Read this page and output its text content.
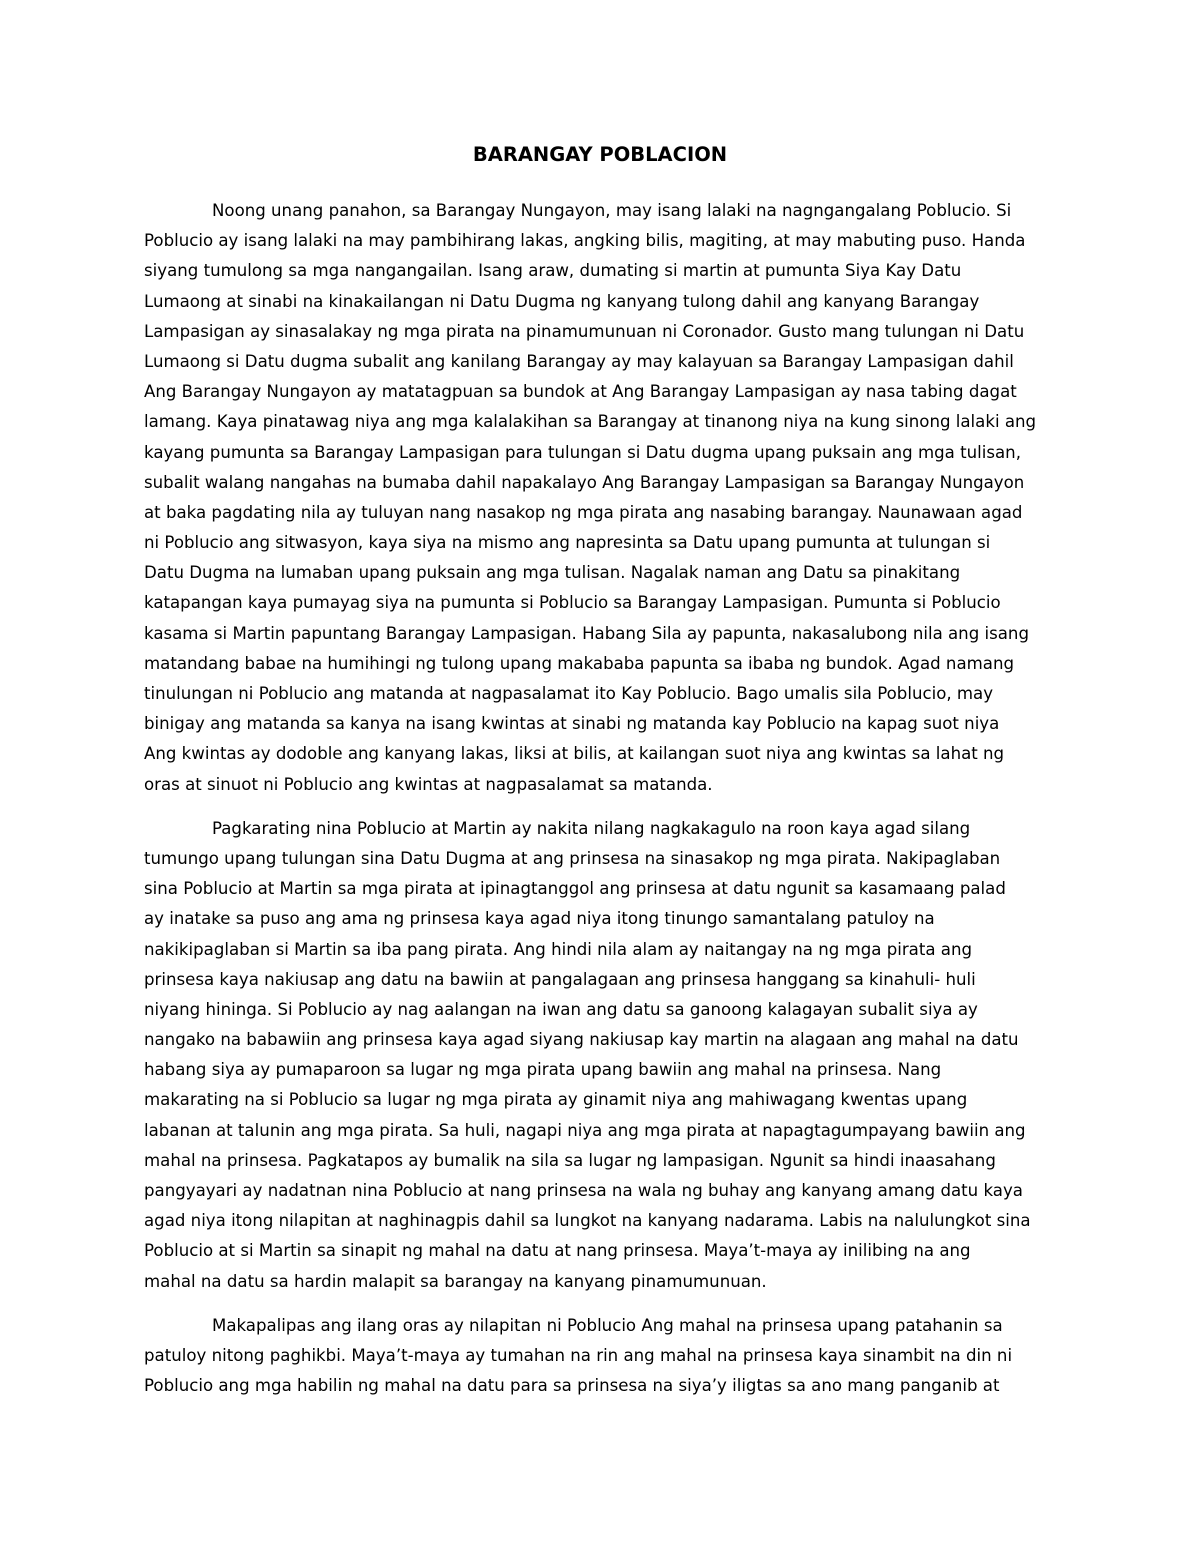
BARANGAY POBLACION
Noong unang panahon, sa Barangay Nungayon, may isang lalaki na nagngangalang Poblucio. Si
Poblucio ay isang lalaki na may pambihirang lakas, angking bilis, magiting, at may mabuting puso. Handa
siyang tumulong sa mga nangangailan. Isang araw, dumating si martin at pumunta Siya Kay Datu
Lumaong at sinabi na kinakailangan ni Datu Dugma ng kanyang tulong dahil ang kanyang Barangay
Lampasigan ay sinasalakay ng mga pirata na pinamumunuan ni Coronador. Gusto mang tulungan ni Datu
Lumaong si Datu dugma subalit ang kanilang Barangay ay may kalayuan sa Barangay Lampasigan dahil
Ang Barangay Nungayon ay matatagpuan sa bundok at Ang Barangay Lampasigan ay nasa tabing dagat
lamang. Kaya pinatawag niya ang mga kalalakihan sa Barangay at tinanong niya na kung sinong lalaki ang
kayang pumunta sa Barangay Lampasigan para tulungan si Datu dugma upang puksain ang mga tulisan,
subalit walang nangahas na bumaba dahil napakalayo Ang Barangay Lampasigan sa Barangay Nungayon
at baka pagdating nila ay tuluyan nang nasakop ng mga pirata ang nasabing barangay. Naunawaan agad
ni Poblucio ang sitwasyon, kaya siya na mismo ang napresinta sa Datu upang pumunta at tulungan si
Datu Dugma na lumaban upang puksain ang mga tulisan. Nagalak naman ang Datu sa pinakitang
katapangan kaya pumayag siya na pumunta si Poblucio sa Barangay Lampasigan. Pumunta si Poblucio
kasama si Martin papuntang Barangay Lampasigan. Habang Sila ay papunta, nakasalubong nila ang isang
matandang babae na humihingi ng tulong upang makababa papunta sa ibaba ng bundok. Agad namang
tinulungan ni Poblucio ang matanda at nagpasalamat ito Kay Poblucio. Bago umalis sila Poblucio, may
binigay ang matanda sa kanya na isang kwintas at sinabi ng matanda kay Poblucio na kapag suot niya
Ang kwintas ay dodoble ang kanyang lakas, liksi at bilis, at kailangan suot niya ang kwintas sa lahat ng
oras at sinuot ni Poblucio ang kwintas at nagpasalamat sa matanda.
Pagkarating nina Poblucio at Martin ay nakita nilang nagkakagulo na roon kaya agad silang
tumungo upang tulungan sina Datu Dugma at ang prinsesa na sinasakop ng mga pirata. Nakipaglaban
sina Poblucio at Martin sa mga pirata at ipinagtanggol ang prinsesa at datu ngunit sa kasamaang palad
ay inatake sa puso ang ama ng prinsesa kaya agad niya itong tinungo samantalang patuloy na
nakikipaglaban si Martin sa iba pang pirata. Ang hindi nila alam ay naitangay na ng mga pirata ang
prinsesa kaya nakiusap ang datu na bawiin at pangalagaan ang prinsesa hanggang sa kinahuli- huli
niyang hininga. Si Poblucio ay nag aalangan na iwan ang datu sa ganoong kalagayan subalit siya ay
nangako na babawiin ang prinsesa kaya agad siyang nakiusap kay martin na alagaan ang mahal na datu
habang siya ay pumaparoon sa lugar ng mga pirata upang bawiin ang mahal na prinsesa. Nang
makarating na si Poblucio sa lugar ng mga pirata ay ginamit niya ang mahiwagang kwentas upang
labanan at talunin ang mga pirata. Sa huli, nagapi niya ang mga pirata at napagtagumpayang bawiin ang
mahal na prinsesa. Pagkatapos ay bumalik na sila sa lugar ng lampasigan. Ngunit sa hindi inaasahang
pangyayari ay nadatnan nina Poblucio at nang prinsesa na wala ng buhay ang kanyang amang datu kaya
agad niya itong nilapitan at naghinagpis dahil sa lungkot na kanyang nadarama. Labis na nalulungkot sina
Poblucio at si Martin sa sinapit ng mahal na datu at nang prinsesa. Maya’t-maya ay inilibing na ang
mahal na datu sa hardin malapit sa barangay na kanyang pinamumunuan.
Makapalipas ang ilang oras ay nilapitan ni Poblucio Ang mahal na prinsesa upang patahanin sa
patuloy nitong paghikbi. Maya’t-maya ay tumahan na rin ang mahal na prinsesa kaya sinambit na din ni
Poblucio ang mga habilin ng mahal na datu para sa prinsesa na siya’y iligtas sa ano mang panganib at
